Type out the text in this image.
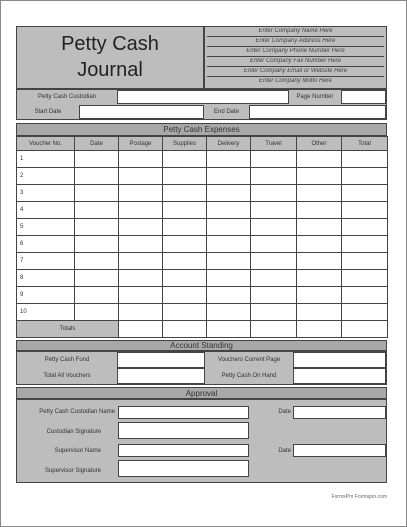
Petty Cash
Journal
Enter Company Name Here
Enter Company Address Here
Enter Company Phone Number Here
Enter Company Fax Number Here
Enter Company Email or Website Here
Enter Company Motto Here
Petty Cash Custodian	Page Number
Start Date	End Date
Petty Cash Expenses
Voucher No.	Date	Postage	Supplies	Delivery	Travel	Other	Total
1							
2							
3							
4							
5							
6							
7							
8							
9							
10							
Totals							
Account Standing
Petty Cash Fund	Vouchers Current Page
Total All Vouchers	Petty Cash On Hand
Approval
Petty Cash Custodian Name	Date
Custodian Signature
Supervisor Name	Date
Supervisor Signature
FormsPro Formspro.com
